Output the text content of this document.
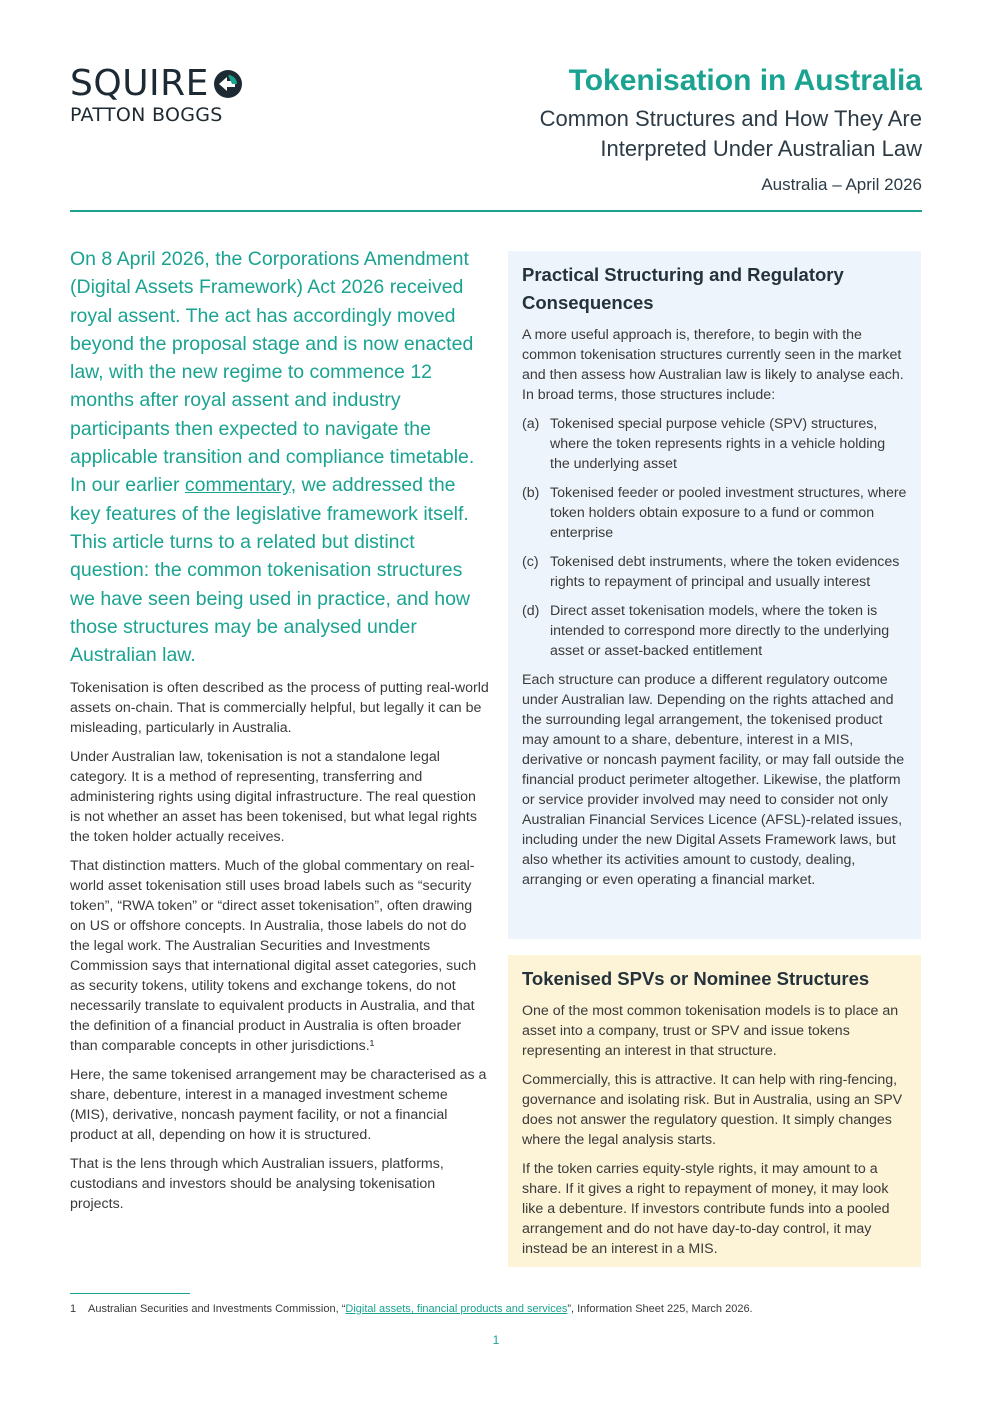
SQUIRE
PATTON BOGGS
Tokenisation in Australia
Common Structures and How They Are Interpreted Under Australian Law
Australia – April 2026
On 8 April 2026, the Corporations Amendment (Digital Assets Framework) Act 2026 received royal assent. The act has accordingly moved beyond the proposal stage and is now enacted law, with the new regime to commence 12 months after royal assent and industry participants then expected to navigate the applicable transition and compliance timetable. In our earlier commentary, we addressed the key features of the legislative framework itself. This article turns to a related but distinct question: the common tokenisation structures we have seen being used in practice, and how those structures may be analysed under Australian law.

Tokenisation is often described as the process of putting real-world assets on-chain. That is commercially helpful, but legally it can be misleading, particularly in Australia.

Under Australian law, tokenisation is not a standalone legal category. It is a method of representing, transferring and administering rights using digital infrastructure. The real question is not whether an asset has been tokenised, but what legal rights the token holder actually receives.

That distinction matters. Much of the global commentary on real-world asset tokenisation still uses broad labels such as “security token”, “RWA token” or “direct asset tokenisation”, often drawing on US or offshore concepts. In Australia, those labels do not do the legal work. The Australian Securities and Investments Commission says that international digital asset categories, such as security tokens, utility tokens and exchange tokens, do not necessarily translate to equivalent products in Australia, and that the definition of a financial product in Australia is often broader than comparable concepts in other jurisdictions.¹

Here, the same tokenised arrangement may be characterised as a share, debenture, interest in a managed investment scheme (MIS), derivative, noncash payment facility, or not a financial product at all, depending on how it is structured.

That is the lens through which Australian issuers, platforms, custodians and investors should be analysing tokenisation projects.

Practical Structuring and Regulatory Consequences

A more useful approach is, therefore, to begin with the common tokenisation structures currently seen in the market and then assess how Australian law is likely to analyse each. In broad terms, those structures include:

(a) Tokenised special purpose vehicle (SPV) structures, where the token represents rights in a vehicle holding the underlying asset
(b) Tokenised feeder or pooled investment structures, where token holders obtain exposure to a fund or common enterprise
(c) Tokenised debt instruments, where the token evidences rights to repayment of principal and usually interest
(d) Direct asset tokenisation models, where the token is intended to correspond more directly to the underlying asset or asset-backed entitlement

Each structure can produce a different regulatory outcome under Australian law. Depending on the rights attached and the surrounding legal arrangement, the tokenised product may amount to a share, debenture, interest in a MIS, derivative or noncash payment facility, or may fall outside the financial product perimeter altogether. Likewise, the platform or service provider involved may need to consider not only Australian Financial Services Licence (AFSL)-related issues, including under the new Digital Assets Framework laws, but also whether its activities amount to custody, dealing, arranging or even operating a financial market.

Tokenised SPVs or Nominee Structures

One of the most common tokenisation models is to place an asset into a company, trust or SPV and issue tokens representing an interest in that structure.

Commercially, this is attractive. It can help with ring-fencing, governance and isolating risk. But in Australia, using an SPV does not answer the regulatory question. It simply changes where the legal analysis starts.

If the token carries equity-style rights, it may amount to a share. If it gives a right to repayment of money, it may look like a debenture. If investors contribute funds into a pooled arrangement and do not have day-to-day control, it may instead be an interest in a MIS.

1 Australian Securities and Investments Commission, “Digital assets, financial products and services”, Information Sheet 225, March 2026.
1
